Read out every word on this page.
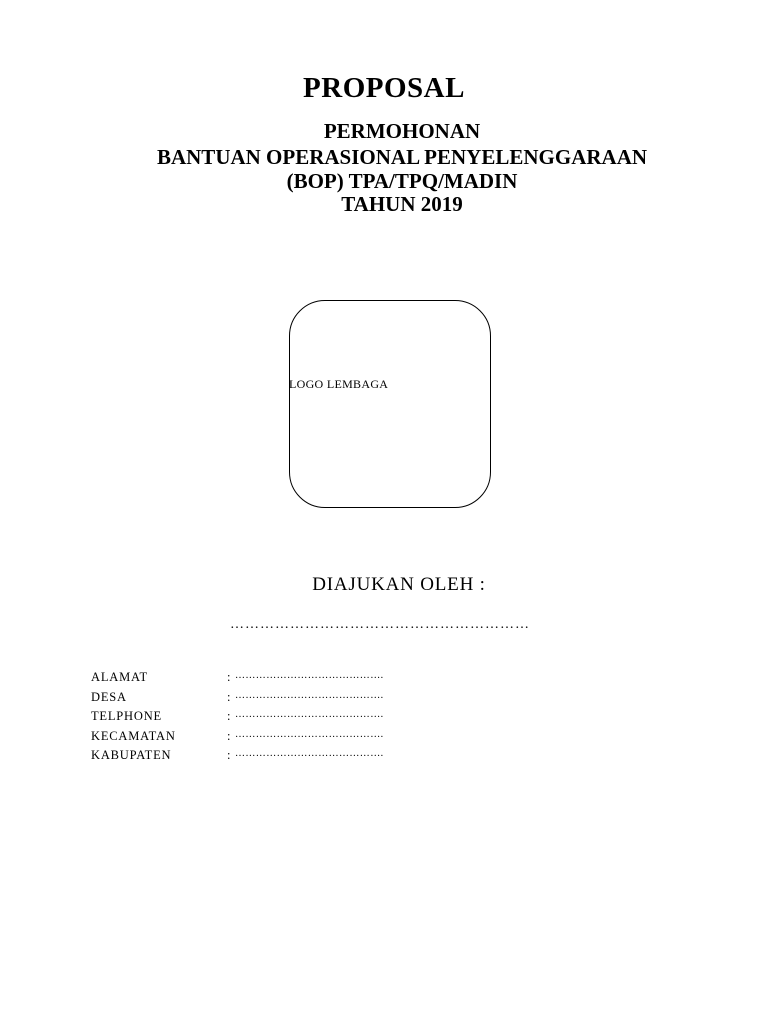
PROPOSAL
PERMOHONAN
BANTUAN OPERASIONAL PENYELENGGARAAN
(BOP) TPA/TPQ/MADIN
TAHUN 2019
LOGO LEMBAGA
DIAJUKAN OLEH :
……………………………………………………
ALAMAT	: …………………………………….
DESA	: …………………………………….
TELPHONE	: …………………………………….
KECAMATAN	: …………………………………….
KABUPATEN	: …………………………………….
